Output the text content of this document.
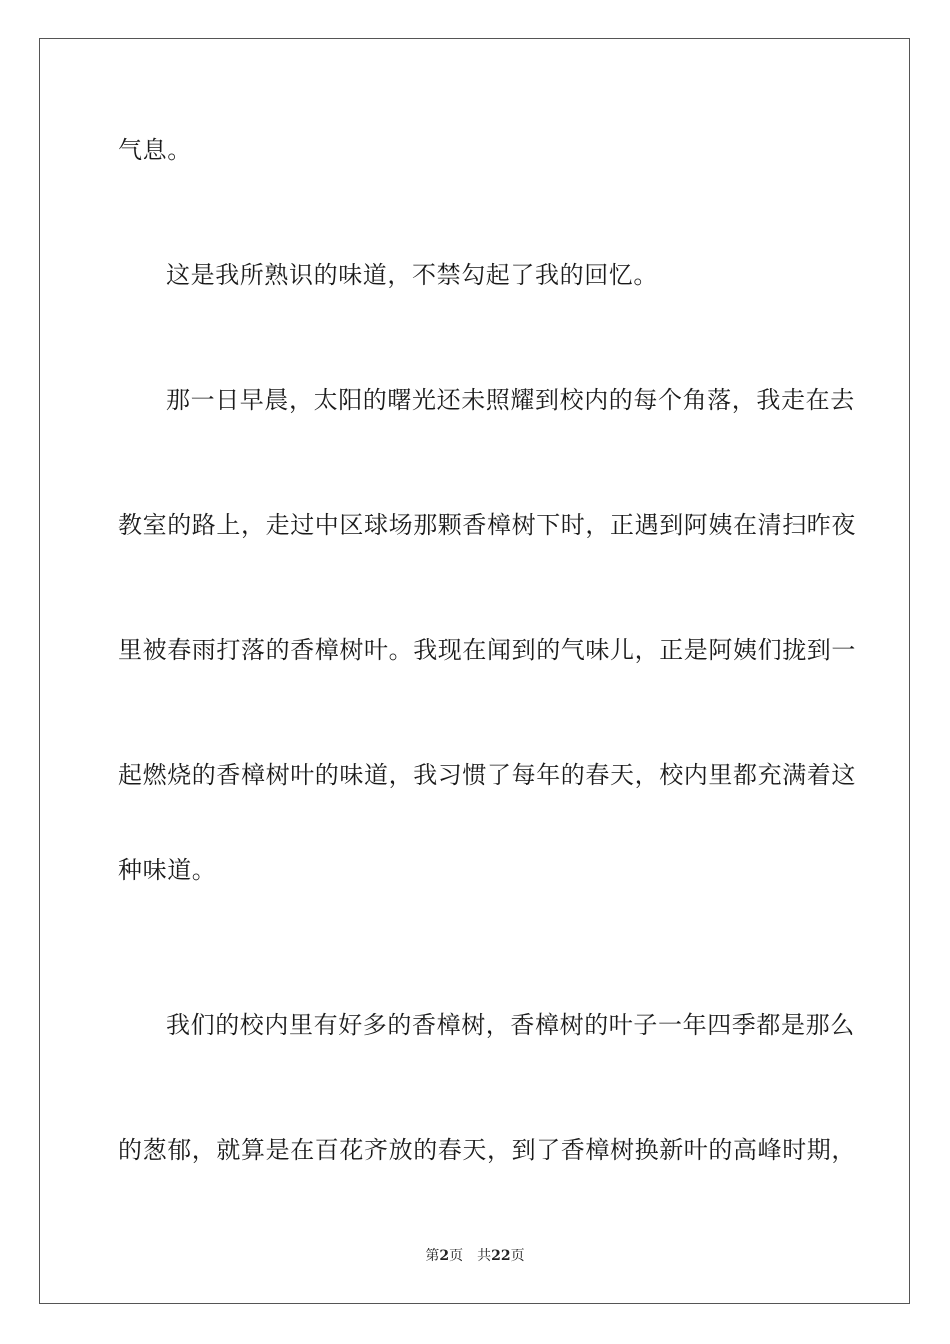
气息。
这是我所熟识的味道，不禁勾起了我的回忆。
那一日早晨，太阳的曙光还未照耀到校内的每个角落，我走在去
教室的路上，走过中区球场那颗香樟树下时，正遇到阿姨在清扫昨夜
里被春雨打落的香樟树叶。我现在闻到的气味儿，正是阿姨们拢到一
起燃烧的香樟树叶的味道，我习惯了每年的春天，校内里都充满着这
种味道。
我们的校内里有好多的香樟树，香樟树的叶子一年四季都是那么
的葱郁，就算是在百花齐放的春天，到了香樟树换新叶的高峰时期，
第2页 共22页
